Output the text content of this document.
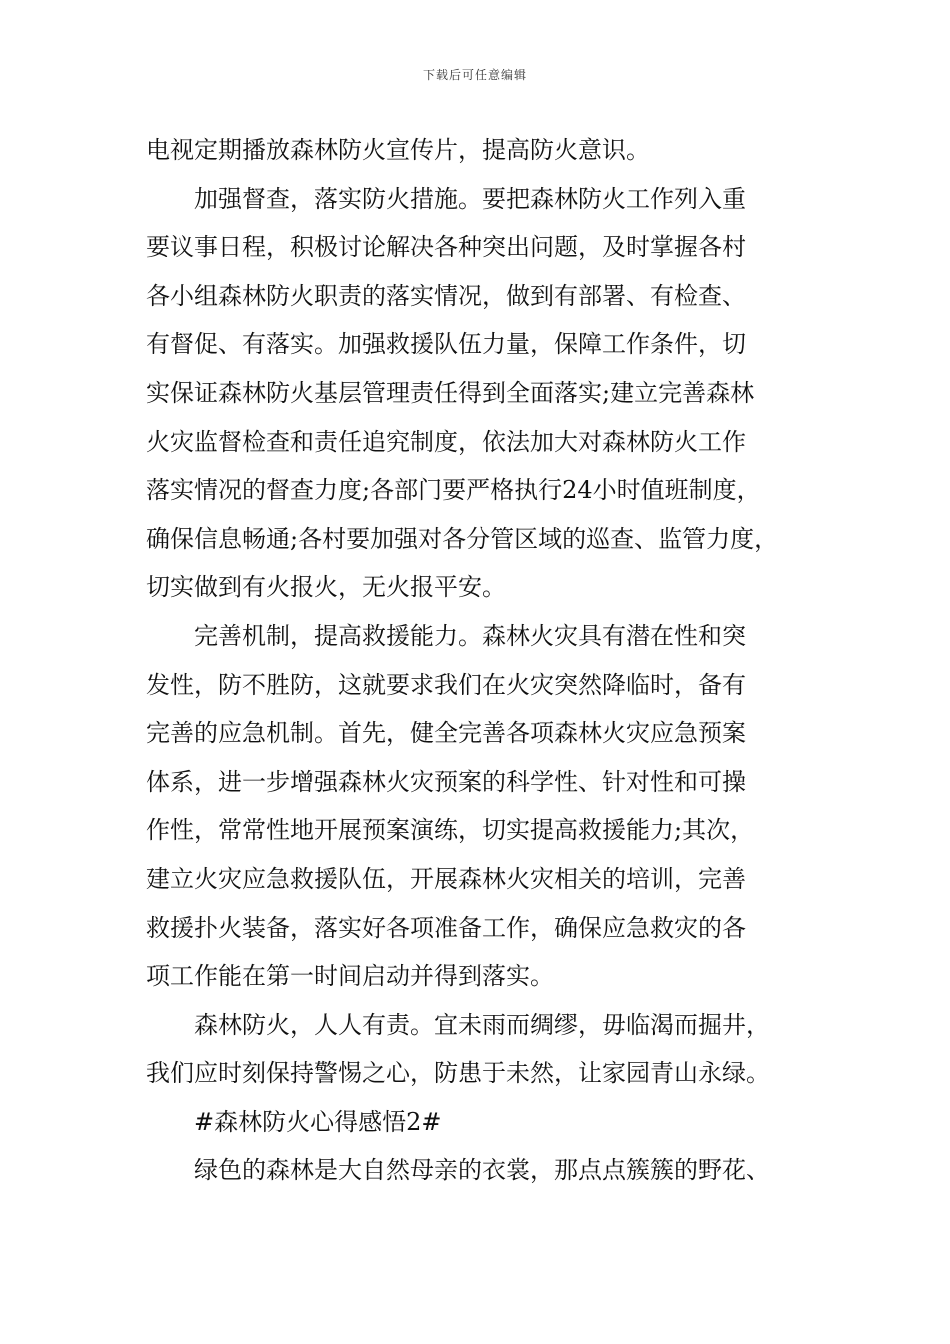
下载后可任意编辑
电视定期播放森林防火宣传片，提高防火意识。
加强督查，落实防火措施。要把森林防火工作列入重
要议事日程，积极讨论解决各种突出问题，及时掌握各村
各小组森林防火职责的落实情况，做到有部署、有检查、
有督促、有落实。加强救援队伍力量，保障工作条件，切
实保证森林防火基层管理责任得到全面落实;建立完善森林
火灾监督检查和责任追究制度，依法加大对森林防火工作
落实情况的督查力度;各部门要严格执行24小时值班制度，
确保信息畅通;各村要加强对各分管区域的巡查、监管力度，
切实做到有火报火，无火报平安。
完善机制，提高救援能力。森林火灾具有潜在性和突
发性，防不胜防，这就要求我们在火灾突然降临时，备有
完善的应急机制。首先，健全完善各项森林火灾应急预案
体系，进一步增强森林火灾预案的科学性、针对性和可操
作性，常常性地开展预案演练，切实提高救援能力;其次，
建立火灾应急救援队伍，开展森林火灾相关的培训，完善
救援扑火装备，落实好各项准备工作，确保应急救灾的各
项工作能在第一时间启动并得到落实。
森林防火，人人有责。宜未雨而绸缪，毋临渴而掘井，
我们应时刻保持警惕之心，防患于未然，让家园青山永绿。
#森林防火心得感悟2#
绿色的森林是大自然母亲的衣裳，那点点簇簇的野花、
